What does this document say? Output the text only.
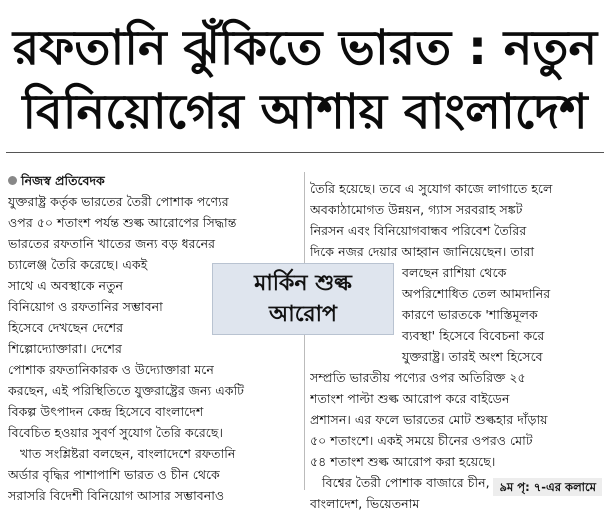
রফতানি ঝুঁকিতে ভারত : নতুন
বিনিয়োগের আশায় বাংলাদেশ
নিজস্ব প্রতিবেদক
যুক্তরাষ্ট্র কর্তৃক ভারতের তৈরী পোশাক পণ্যের
ওপর ৫০ শতাংশ পর্যন্ত শুল্ক আরোপের সিদ্ধান্ত
ভারতের রফতানি খাতের জন্য বড় ধরনের
চ্যালেঞ্জ তৈরি করেছে। একই
সাথে এ অবস্থাকে নতুন
বিনিয়োগ ও রফতানির সম্ভাবনা
হিসেবে দেখছেন দেশের
শিল্পোদ্যোক্তারা। দেশের
পোশাক রফতানিকারক ও উদ্যোক্তারা মনে
করছেন, এই পরিস্থিতিতে যুক্তরাষ্ট্রের জন্য একটি
বিকল্প উৎপাদন কেন্দ্র হিসেবে বাংলাদেশ
বিবেচিত হওয়ার সুবর্ণ সুযোগ তৈরি করেছে।
খাত সংশ্লিষ্টরা বলছেন, বাংলাদেশে রফতানি
অর্ডার বৃদ্ধির পাশাপাশি ভারত ও চীন থেকে
সরাসরি বিদেশী বিনিয়োগ আসার সম্ভাবনাও
তৈরি হয়েছে। তবে এ সুযোগ কাজে লাগাতে হলে
অবকাঠামোগত উন্নয়ন, গ্যাস সরবরাহ সঙ্কট
নিরসন এবং বিনিয়োগবান্ধব পরিবেশ তৈরির
দিকে নজর দেয়ার আহ্বান জানিয়েছেন। তারা
বলছেন রাশিয়া থেকে
অপরিশোধিত তেল আমদানির
কারণে ভারতকে 'শাস্তিমূলক
ব্যবস্থা' হিসেবে বিবেচনা করে
যুক্তরাষ্ট্র। তারই অংশ হিসেবে
সম্প্রতি ভারতীয় পণ্যের ওপর অতিরিক্ত ২৫
শতাংশ পাল্টা শুল্ক আরোপ করে বাইডেন
প্রশাসন। এর ফলে ভারতের মোট শুল্কহার দাঁড়ায়
৫০ শতাংশে। একই সময়ে চীনের ওপরও মোট
৫৪ শতাংশ শুল্ক আরোপ করা হয়েছে।
বিশ্বের তৈরী পোশাক বাজারে চীন,
বাংলাদেশ, ভিয়েতনাম
মার্কিন শুল্ক
আরোপ
৯ম পৃ: ৭-এর কলামে
